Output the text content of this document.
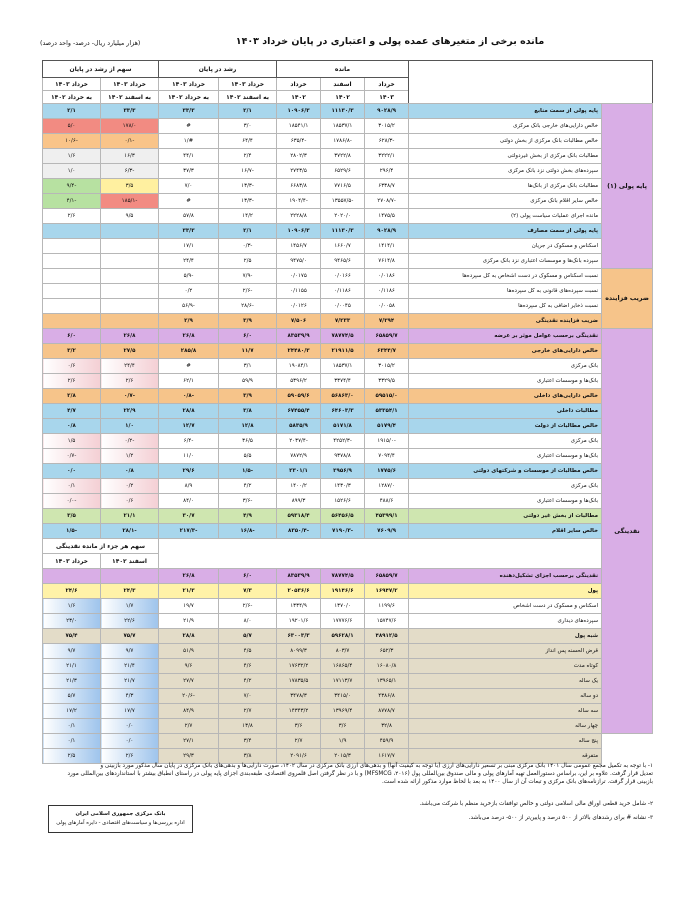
مانده برخی از متغیرهای عمده پولی و اعتباری در پایان خرداد ۱۴۰۳
(هزار میلیارد ریال- درصد- واحد درصد)
سهم از رشد در پایان		رشد در پایان		مانده				
خرداد ۱۴۰۳	خرداد ۱۴۰۳	خرداد ۱۴۰۳	خرداد ۱۴۰۳	خرداد	اسفند	خرداد		
به خرداد ۱۴۰۲	به اسفند ۱۴۰۲	به خرداد ۱۴۰۲	به اسفند ۱۴۰۲	۱۴۰۲	۱۴۰۲	۱۴۰۳		

۲/۱	۳۳/۳	۳۳/۳	۲/۱	۱۰۹۰۶/۳	۱۱۱۳۰/۳	۹۰۲۸/۹	پایه پولی از سمت منابع	پایه پولی (۱)
۵/۰	۱۷۸/۰	#	۳/۰	۱۸۵۴۱/۱	۱۸۵۳۷/۱	۳۰۱۵/۲	خالص دارایی‌های خارجی بانک مرکزی	
-۱۰/۶	-۰/۱	#/۱	۶۴/۴	-۶۳۵/۴	-۱۷۸۶/۸	-۶۲۸/۳	خالص مطالبات بانک مرکزی از بخش دولتی	
۱/۶	۱۶/۳	۴۴/۱	۲/۴	۲۸۰۲/۳	۳۷۲۲/۸	۳۲۲۲/۱	مطالبات بانک مرکزی از بخش غیردولتی	
۱/۰	-۶/۳	۳۷/۳	-۱۶/۷	۲۷۴۳/۵	۶۵۲۹/۶	۲۹۶/۴	سپرده‌های بخش دولتی نزد بانک مرکزی	
-۹/۴	۳/۵	۷/۰	-۱۳/۳	۶۶۸۳/۸	۷۷۱۶/۵	۶۳۳۸/۷	مطالبات بانک مرکزی از بانک‌ها	
-۴/۱	-۱۸۵/۱	#	-۱۳/۳	-۱۹۰۴/۴	-۱۳۵۵۷/۵	-۲۷۰۸/۷	خالص سایر اقلام بانک مرکزی	
۲/۶	۹/۵	۵۷/۸	۱۴/۲	۲۲۲۸/۸	۲۰۲۰/۰	۱۴۷۵/۵	مانده اجرای عملیات سیاست پولی (۲)	
		۳۳/۳	۲/۱	۱۰۹۰۶/۳	۱۱۱۳۰/۳	۹۰۲۸/۹	پایه پولی از سمت مصارف	
		۱۷/۱	-۰/۳	۱۴۵۶/۷	۱۶۶۰/۷	۱۴۱۴/۱	اسکناس و مسکوک در جریان	
		۲۴/۴	۲/۵	۹۴۷۵/۰	۹۴۶۵/۶	۷۶۱۴/۸	سپرده بانک‌ها و موسسات اعتباری نزد بانک مرکزی	
		-۵/۹	-۷/۹	۰/۰۱۷۵	۰/۰۱۶۶	۰/۰۱۸۶	نسبت اسکناس و مسکوک در دست اشخاص به کل سپرده‌ها	ضریب فزاینده
		۰/۲	-۲/۶	۰/۱۱۵۵	۰/۱۱۸۶	۰/۱۱۸۶	نسبت سپرده‌های قانونی به کل سپرده‌ها	
		-۵۶/۹	-۲۸/۶	۰/۰۱۲۶	۰/۰۰۴۵	۰/۰۰۵۸	نسبت ذخایر اضافی به کل سپرده‌ها	
		۲/۹	۳/۹	۷/۵۰۶	۷/۲۳۳	۷/۲۹۴	ضریب فزاینده نقدینگی	
۶/۰	۲۶/۸	۲۶/۸	۶/۰	۸۳۵۳۹/۹	۷۸۷۷۴/۵	۶۵۸۵۹/۷	نقدینگی برحسب عوامل موثر بر عرضه	نقدینگی
۳/۲	۲۷/۵	۲۸۵/۸	۱۱/۷	۲۴۴۸۰/۳	۲۱۹۱۱/۵	۶۳۴۴/۷	خالص دارایی‌های خارجی	
۰/۶	۲۴/۴	#	۳/۱	۱۹۰۸۴/۱	۱۸۵۳۷/۱	۳۰۱۵/۲	بانک مرکزی	
۲/۶	۲/۶	۶۲/۱	۵۹/۹	۵۳۹۶/۲	۳۳۷۴/۴	۳۳۲۹/۵	بانک‌ها و موسسات اعتباری	
۲/۸	-۰/۷	-۰/۸	۳/۹	۵۹۰۵۹/۶	۵۶۸۶۳/۰	۵۹۵۱۵/۰	خالص دارایی‌های داخلی	
۴/۷	۲۲/۹	۲۸/۸	۳/۸	۶۷۴۵۵/۴	۶۴۶۰۳/۳	۵۳۳۵۴/۱	مطالبات داخلی	
۰/۸	۱/۰	۱۲/۷	۱۲/۸	۵۸۳۵/۹	۵۱۷۱/۸	۵۱۷۹/۴	خالص مطالبات از دولت	
۱/۵	-۰/۲	-۶/۴	۳۶/۵	-۲۰۳۷/۴	-۴۲۵۲/۳	-۱۹۱۵/۰	بانک مرکزی	
-۰/۷	۱/۲	۱۱/۰	۵/۵	۷۸۷۲/۹	۹۳۷۸/۸	۷۰۹۴/۴	بانک‌ها و موسسات اعتباری	
۰/۰	۰/۸	۲۹/۶	-۱/۵	۲۳۰۱/۱	۲۹۵۶/۹	۱۷۷۵/۶	خالص مطالبات از موسسات و شرکتهای دولتی	
۰/۱	۰/۲	۸/۹	۴/۲	۱۴۰۰/۲	۱۴۳۰/۳	۱۲۸۷/۰	بانک مرکزی	
-۰/۰	۰/۶	۸۴/۰	-۳/۶	۸۹۹/۳	۱۵۲۶/۶	۴۸۸/۶	بانک‌ها و موسسات اعتباری	
۳/۵	۲۱/۱	۳۰/۷	۴/۹	۵۹۳۱۸/۴	۵۶۴۵۶/۵	۴۵۳۹۹/۱	مطالبات از بخش غیر دولتی	
-۱/۵	-۲۸/۱	-۲۱۷/۳	-۱۶/۸	-۸۳۵۰/۴	-۷۱۹۰/۳	۷۶۰۹/۹	خالص سایر اقلام	
سهم هر جزء از مانده نقدینگی								
خرداد ۱۴۰۳	اسفند ۱۴۰۲							
		۲۶/۸	۶/۰	۸۳۵۳۹/۹	۷۸۷۷۴/۵	۶۵۸۵۹/۷	نقدینگی برحسب اجزای تشکیل‌دهنده	
۲۴/۶	۲۴/۳	۲۱/۳	۷/۳	۲۰۵۳۶/۶	۱۹۱۴۶/۶	۱۶۹۴۷/۲	پول	
۱/۶	۱/۷	۱۹/۷	-۲/۶	۱۳۳۴/۹	۱۳۷۰/۰	۱۱۹۹/۶	اسکناس و مسکوک در دست اشخاص	
۲۳/۰	۲۲/۶	۲۱/۹	۸/۰	۱۹۲۰۱/۶	۱۷۷۷۶/۶	۱۵۷۴۷/۶	سپرده‌های دیداری	
۷۵/۴	۷۵/۷	۲۸/۸	۵/۷	۶۳۰۰۳/۳	۵۹۶۲۸/۱	۴۸۹۱۲/۵	شبه پول	
۹/۷	۹/۷	۵۱/۹	۴/۵	۸۰۹۹/۳	۸۰۳/۷	۶۵۲/۳	قرض الحسنه پس انداز	
۲۱/۱	۲۱/۴	۹/۶	۴/۶	۱۷۶۳۲/۲	۱۶۸۶۵/۴	۱۶۰۸۰/۸	کوتاه مدت	
۲۱/۳	۲۱/۷	۲۷/۷	۴/۲	۱۷۸۳۵/۵	۱۷۱۱۳/۷	۱۳۹۶۵/۱	یک ساله	
۵/۷	۴/۳	-۲۰/۶	۷/۰	۳۴۷۸/۳	۳۴۱۵/۰	۴۳۸۶/۸	دو ساله	
۱۷/۲	۱۷/۷	۸۴/۹	۲/۷	۱۴۳۴۳/۲	۱۳۹۶۹/۴	۸۷۷۸/۷	سه ساله	
۰/۱	۰/۰	۲/۷	۱۳/۸	۳/۶	۳/۶	۳۲/۸	چهار ساله	
۰/۱	۰/۰	۲۷/۱	۳/۴	۲/۷	۱/۹	۴۵۹/۹	پنج ساله	
۲/۵	۲/۶	۲۹/۳	۳/۸	۲۰۹۱/۶	۲۰۱۵/۳	۱۶۱۷/۷	متفرقه	
۱- با توجه به تکمیل مجمع عمومی سال ۱۴۰۱ بانک مرکزی مبنی بر تسعیر دارایی‌های ارزی (با توجه به کیفیت آنها) و بدهی‌های ارزی بانک مرکزی در سال ۱۴۰۲، صورت دارایی‌ها و بدهی‌های بانک مرکزی در پایان سال مذکور مورد بازبینی و
تعدیل قرار گرفت. علاوه بر این، براساس دستورالعمل تهیه آمارهای پولی و مالی صندوق بین‌المللی پول (MFSMCG ،۲۰۱۶) و با در نظر گرفتن اصل قلمروی اقتصادی، طبقه‌بندی اجزای پایه پولی در راستای انطباق بیشتر با استانداردهای بین‌المللی مورد
بازبینی قرار گرفت. ترازنامه‌های بانک مرکزی و تبعات آن از سال ۱۴۰۰ به بعد با لحاظ موارد مذکور ارائه شده است.
۲- شامل خرید قطعی اوراق مالی اسلامی دولتی و خالص توافقات بازخرید منظم با شرکت می‌باشد.
۳- نشانه # برای رشدهای بالاتر از ۵۰۰ درصد و پایین‌تر از ۵۰۰- درصد می‌باشد.
بانک مرکزی جمهوری اسلامی ایران
اداره بررسی‌ها و سیاست‌های اقتصادی - دایره آمارهای پولی
